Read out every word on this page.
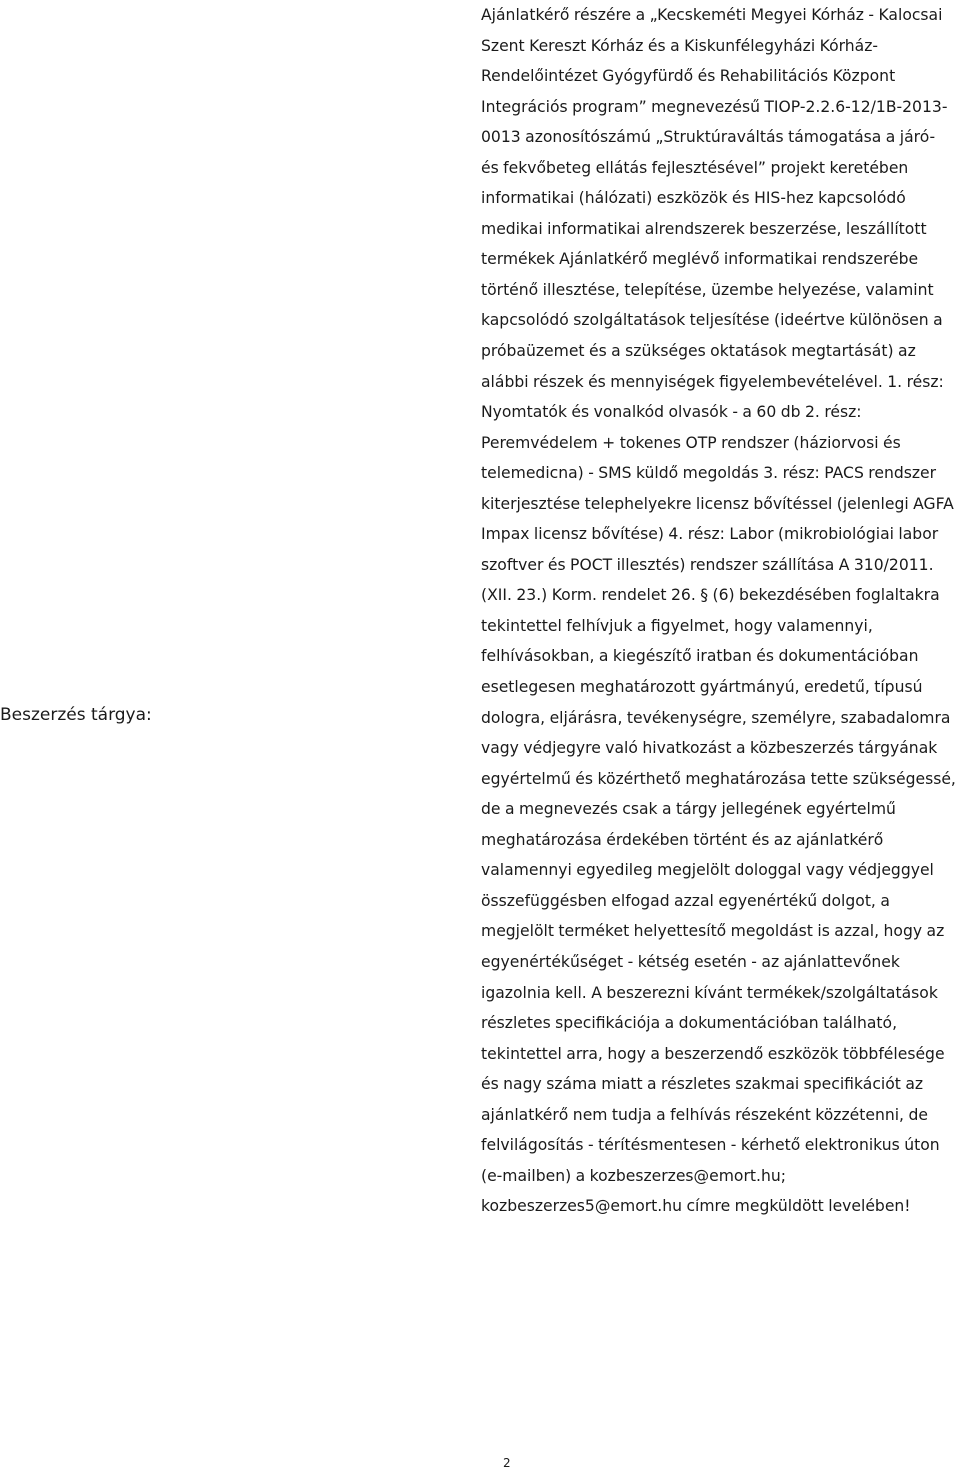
Beszerzés tárgya:

Ajánlatkérő részére a „Kecskeméti Megyei Kórház - Kalocsai Szent Kereszt Kórház és a Kiskunfélegyházi Kórház- Rendelőintézet Gyógyfürdő és Rehabilitációs Központ Integrációs program” megnevezésű TIOP-2.2.6-12/1B-2013-0013 azonosítószámú „Struktúraváltás támogatása a járó- és fekvőbeteg ellátás fejlesztésével” projekt keretében informatikai (hálózati) eszközök és HIS-hez kapcsolódó medikai informatikai alrendszerek beszerzése, leszállított termékek Ajánlatkérő meglévő informatikai rendszerébe történő illesztése, telepítése, üzembe helyezése, valamint kapcsolódó szolgáltatások teljesítése (ideértve különösen a próbaüzemet és a szükséges oktatások megtartását) az alábbi részek és mennyiségek figyelembevételével. 1. rész: Nyomtatók és vonalkód olvasók - a 60 db 2. rész: Peremvédelem + tokenes OTP rendszer (háziorvosi és telemedicna) - SMS küldő megoldás 3. rész: PACS rendszer kiterjesztése telephelyekre licensz bővítéssel (jelenlegi AGFA Impax licensz bővítése) 4. rész: Labor (mikrobiológiai labor szoftver és POCT illesztés) rendszer szállítása A 310/2011. (XII. 23.) Korm. rendelet 26. § (6) bekezdésében foglaltakra tekintettel felhívjuk a figyelmet, hogy valamennyi, felhívásokban, a kiegészítő iratban és dokumentációban esetlegesen meghatározott gyártmányú, eredetű, típusú dologra, eljárásra, tevékenységre, személyre, szabadalomra vagy védjegyre való hivatkozást a közbeszerzés tárgyának egyértelmű és közérthető meghatározása tette szükségessé, de a megnevezés csak a tárgy jellegének egyértelmű meghatározása érdekében történt és az ajánlatkérő valamennyi egyedileg megjelölt dologgal vagy védjeggyel összefüggésben elfogad azzal egyenértékű dolgot, a megjelölt terméket helyettesítő megoldást is azzal, hogy az egyenértékűséget - kétség esetén - az ajánlattevőnek igazolnia kell. A beszerezni kívánt termékek/szolgáltatások részletes specifikációja a dokumentációban található, tekintettel arra, hogy a beszerzendő eszközök többfélesége és nagy száma miatt a részletes szakmai specifikációt az ajánlatkérő nem tudja a felhívás részeként közzétenni, de felvilágosítás - térítésmentesen - kérhető elektronikus úton (e-mailben) a kozbeszerzes@emort.hu; kozbeszerzes5@emort.hu címre megküldött levelében!

2
